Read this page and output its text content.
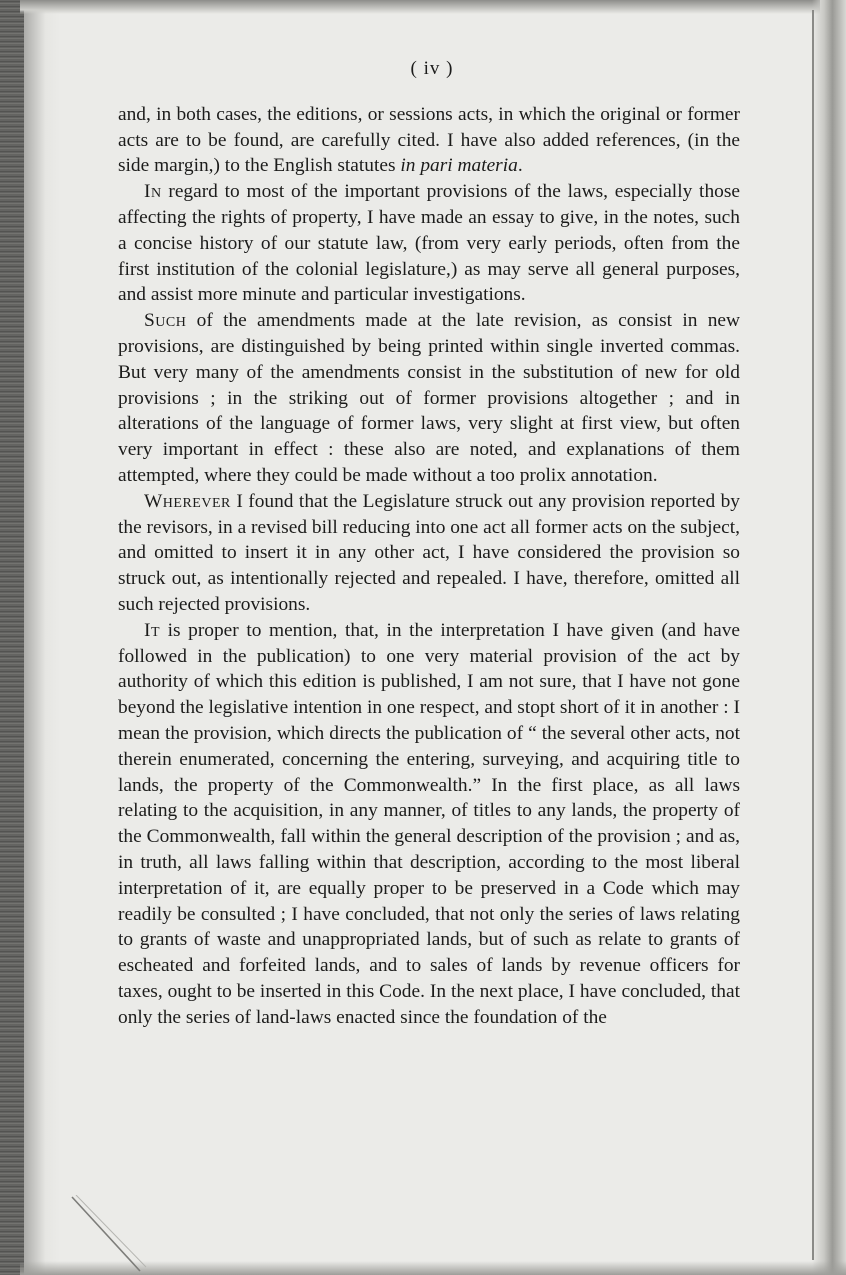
( iv )

and, in both cases, the editions, or sessions acts, in which the original or former acts are to be found, are carefully cited. I have also added references, (in the side margin,) to the English statutes in pari materia.

In regard to most of the important provisions of the laws, especially those affecting the rights of property, I have made an essay to give, in the notes, such a concise history of our statute law, (from very early periods, often from the first institution of the colonial legislature,) as may serve all general purposes, and assist more minute and particular investigations.

Such of the amendments made at the late revision, as consist in new provisions, are distinguished by being printed within single inverted commas. But very many of the amendments consist in the substitution of new for old provisions ; in the striking out of former provisions altogether ; and in alterations of the language of former laws, very slight at first view, but often very important in effect : these also are noted, and explanations of them attempted, where they could be made without a too prolix annotation.

Wherever I found that the Legislature struck out any provision reported by the revisors, in a revised bill reducing into one act all former acts on the subject, and omitted to insert it in any other act, I have considered the provision so struck out, as intentionally rejected and repealed. I have, therefore, omitted all such rejected provisions.

It is proper to mention, that, in the interpretation I have given (and have followed in the publication) to one very material provision of the act by authority of which this edition is published, I am not sure, that I have not gone beyond the legislative intention in one respect, and stopt short of it in another : I mean the provision, which directs the publication of “ the several other acts, not therein enumerated, concerning the entering, surveying, and acquiring title to lands, the property of the Commonwealth.” In the first place, as all laws relating to the acquisition, in any manner, of titles to any lands, the property of the Commonwealth, fall within the general description of the provision ; and as, in truth, all laws falling within that description, according to the most liberal interpretation of it, are equally proper to be preserved in a Code which may readily be consulted ; I have concluded, that not only the series of laws relating to grants of waste and unappropriated lands, but of such as relate to grants of escheated and forfeited lands, and to sales of lands by revenue officers for taxes, ought to be inserted in this Code. In the next place, I have concluded, that only the series of land-laws enacted since the foundation of the
